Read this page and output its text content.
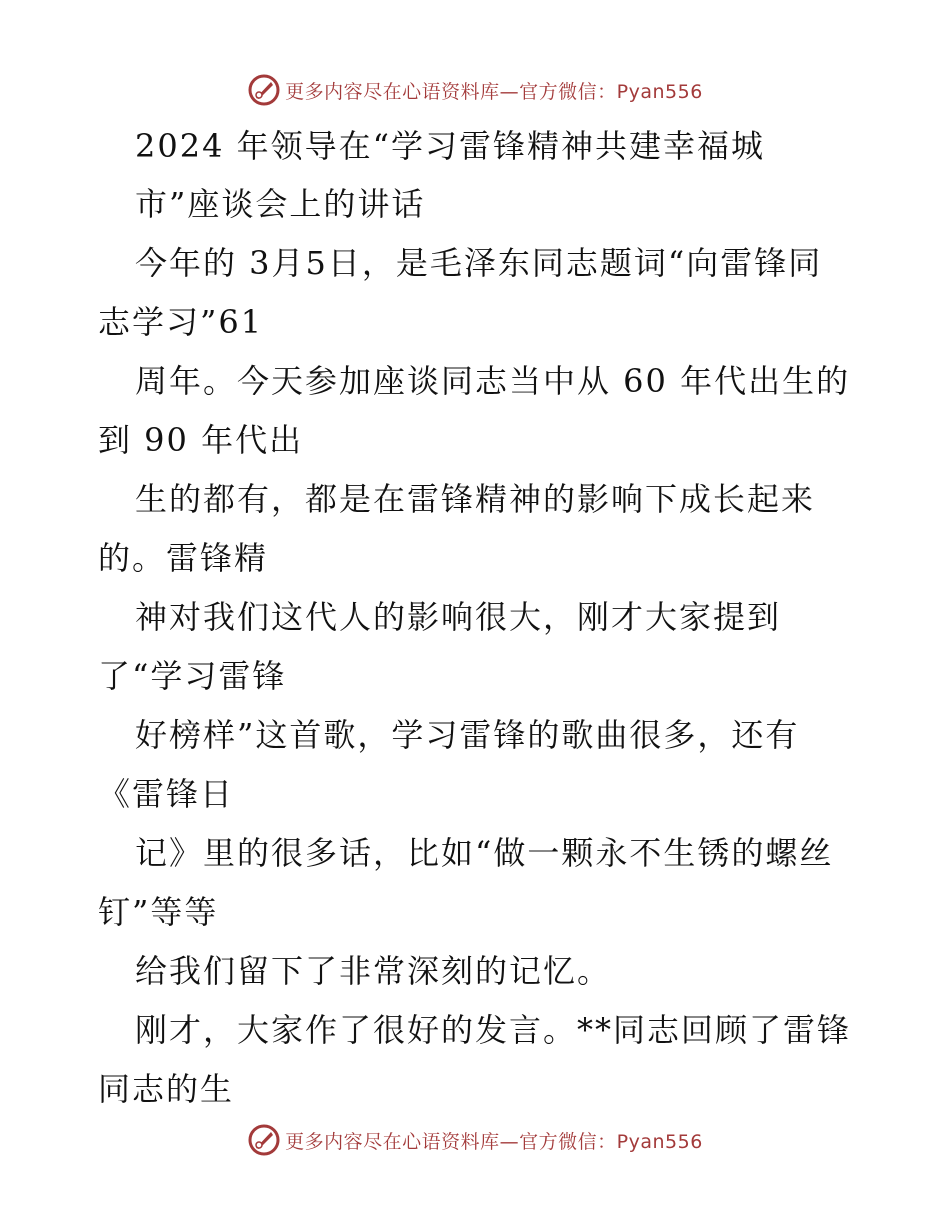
更多内容尽在心语资料库—官方微信：Pyan556
2024 年领导在“学习雷锋精神共建幸福城
市”座谈会上的讲话
今年的 3月5日，是毛泽东同志题词“向雷锋同
志学习”61
周年。今天参加座谈同志当中从 60 年代出生的
到 90 年代出
生的都有，都是在雷锋精神的影响下成长起来
的。雷锋精
神对我们这代人的影响很大，刚才大家提到
了“学习雷锋
好榜样”这首歌，学习雷锋的歌曲很多，还有
《雷锋日
记》里的很多话，比如“做一颗永不生锈的螺丝
钉”等等
给我们留下了非常深刻的记忆。
刚才，大家作了很好的发言。**同志回顾了雷锋
同志的生
更多内容尽在心语资料库—官方微信：Pyan556
